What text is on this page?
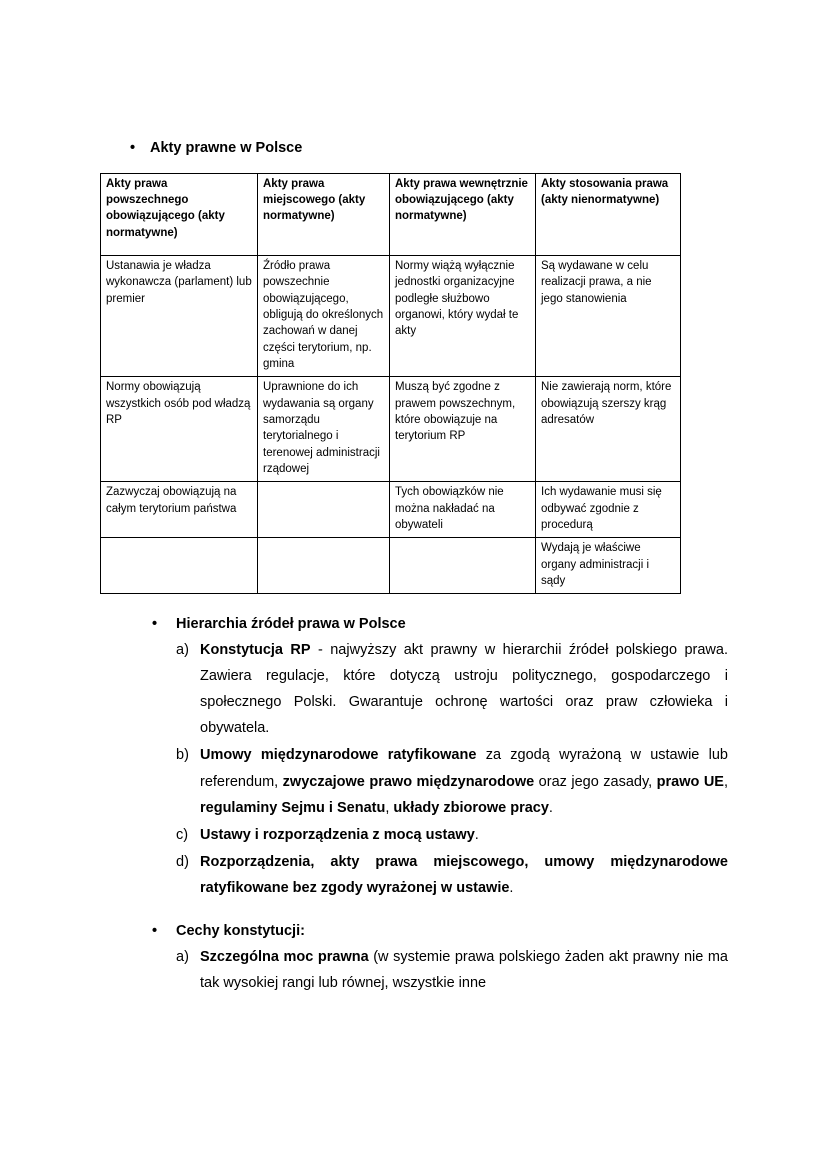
•	Akty prawne w Polsce
Akty prawa powszechnego obowiązującego (akty normatywne)	Akty prawa miejscowego (akty normatywne)	Akty prawa wewnętrznie obowiązującego (akty normatywne)	Akty stosowania prawa (akty nienormatywne)
Ustanawia je władza wykonawcza (parlament) lub premier	Źródło prawa powszechnie obowiązującego, obligują do określonych zachowań w danej części terytorium, np. gmina	Normy wiążą wyłącznie jednostki organizacyjne podległe służbowo organowi, który wydał te akty	Są wydawane w celu realizacji prawa, a nie jego stanowienia
Normy obowiązują wszystkich osób pod władzą RP	Uprawnione do ich wydawania są organy samorządu terytorialnego i terenowej administracji rządowej	Muszą być zgodne z prawem powszechnym, które obowiązuje na terytorium RP	Nie zawierają norm, które obowiązują szerszy krąg adresatów
Zazwyczaj obowiązują na całym terytorium państwa		Tych obowiązków nie można nakładać na obywateli	Ich wydawanie musi się odbywać zgodnie z procedurą
			Wydają je właściwe organy administracji i sądy
•	Hierarchia źródeł prawa w Polsce
a) Konstytucja RP - najwyższy akt prawny w hierarchii źródeł polskiego prawa. Zawiera regulacje, które dotyczą ustroju politycznego, gospodarczego i społecznego Polski. Gwarantuje ochronę wartości oraz praw człowieka i obywatela.
b) Umowy międzynarodowe ratyfikowane za zgodą wyrażoną w ustawie lub referendum, zwyczajowe prawo międzynarodowe oraz jego zasady, prawo UE, regulaminy Sejmu i Senatu, układy zbiorowe pracy.
c) Ustawy i rozporządzenia z mocą ustawy.
d) Rozporządzenia, akty prawa miejscowego, umowy międzynarodowe ratyfikowane bez zgody wyrażonej w ustawie.
•	Cechy konstytucji:
a) Szczególna moc prawna (w systemie prawa polskiego żaden akt prawny nie ma tak wysokiej rangi lub równej, wszystkie inne
